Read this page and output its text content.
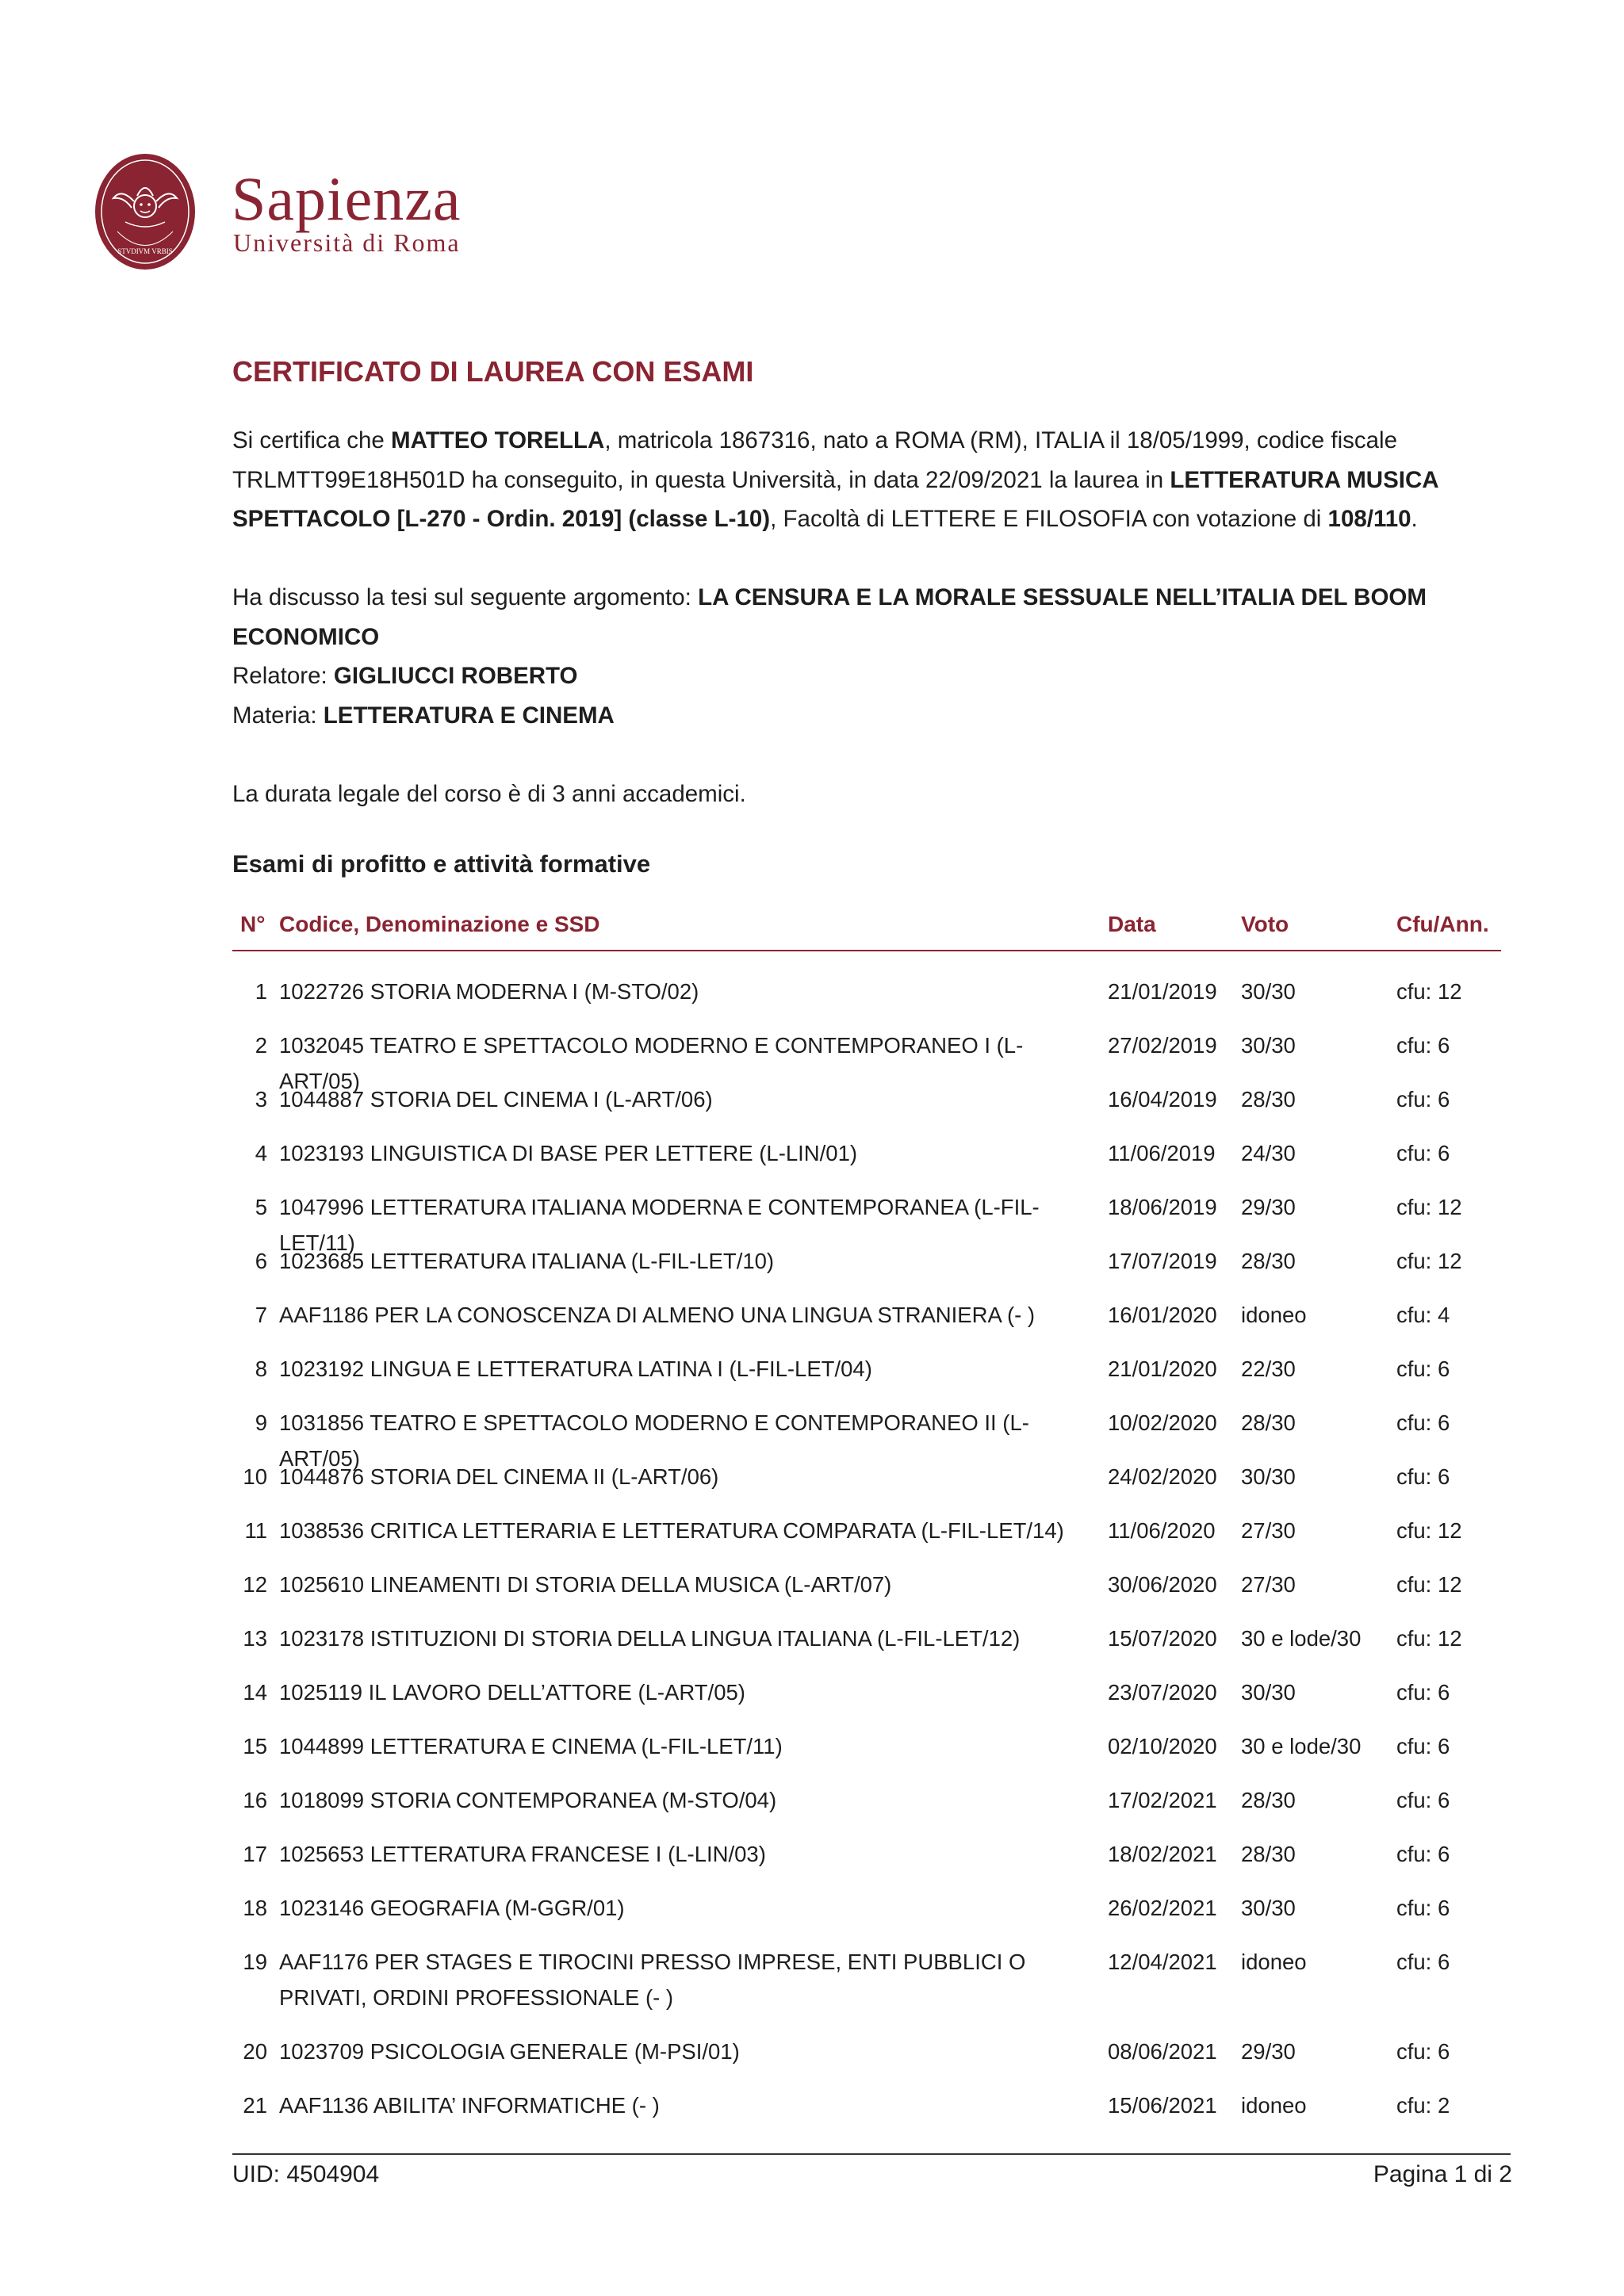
STVDIVM VRBIS
Sapienza
Università di Roma
CERTIFICATO DI LAUREA CON ESAMI
Si certifica che MATTEO TORELLA, matricola 1867316, nato a ROMA (RM), ITALIA il 18/05/1999, codice fiscale TRLMTT99E18H501D ha conseguito, in questa Università, in data 22/09/2021 la laurea in LETTERATURA MUSICA SPETTACOLO [L-270 - Ordin. 2019] (classe L-10), Facoltà di LETTERE E FILOSOFIA con votazione di 108/110.
Ha discusso la tesi sul seguente argomento: LA CENSURA E LA MORALE SESSUALE NELL’ITALIA DEL BOOM ECONOMICO
Relatore: GIGLIUCCI ROBERTO
Materia: LETTERATURA E CINEMA
La durata legale del corso è di 3 anni accademici.
Esami di profitto e attività formative
N° Codice, Denominazione e SSD	Data	Voto	Cfu/Ann.
1 1022726 STORIA MODERNA I (M-STO/02)	21/01/2019 30/30	cfu: 12
2 1032045 TEATRO E SPETTACOLO MODERNO E CONTEMPORANEO I (L-ART/05)
27/02/2019 30/30	cfu: 6
3 1044887 STORIA DEL CINEMA I (L-ART/06)	16/04/2019 28/30	cfu: 6
4 1023193 LINGUISTICA DI BASE PER LETTERE (L-LIN/01)	11/06/2019 24/30	cfu: 6
5 1047996 LETTERATURA ITALIANA MODERNA E CONTEMPORANEA (L-FIL-LET/11)
18/06/2019 29/30	cfu: 12
6 1023685 LETTERATURA ITALIANA (L-FIL-LET/10)	17/07/2019 28/30	cfu: 12
7 AAF1186 PER LA CONOSCENZA DI ALMENO UNA LINGUA STRANIERA (- )	16/01/2020 idoneo	cfu: 4
8 1023192 LINGUA E LETTERATURA LATINA I (L-FIL-LET/04)	21/01/2020 22/30	cfu: 6
9 1031856 TEATRO E SPETTACOLO MODERNO E CONTEMPORANEO II (L-ART/05)
10/02/2020 28/30	cfu: 6
10 1044876 STORIA DEL CINEMA II (L-ART/06)	24/02/2020 30/30	cfu: 6
11 1038536 CRITICA LETTERARIA E LETTERATURA COMPARATA (L-FIL-LET/14)	11/06/2020 27/30	cfu: 12
12 1025610 LINEAMENTI DI STORIA DELLA MUSICA (L-ART/07)	30/06/2020 27/30	cfu: 12
13 1023178 ISTITUZIONI DI STORIA DELLA LINGUA ITALIANA (L-FIL-LET/12)	15/07/2020 30 e lode/30 cfu: 12
14 1025119 IL LAVORO DELL’ATTORE (L-ART/05)	23/07/2020 30/30	cfu: 6
15 1044899 LETTERATURA E CINEMA (L-FIL-LET/11)	02/10/2020 30 e lode/30 cfu: 6
16 1018099 STORIA CONTEMPORANEA (M-STO/04)	17/02/2021 28/30	cfu: 6
17 1025653 LETTERATURA FRANCESE I (L-LIN/03)	18/02/2021 28/30	cfu: 6
18 1023146 GEOGRAFIA (M-GGR/01)	26/02/2021 30/30	cfu: 6
19 AAF1176 PER STAGES E TIROCINI PRESSO IMPRESE, ENTI PUBBLICI O PRIVATI, ORDINI PROFESSIONALE (- )
12/04/2021 idoneo	cfu: 6
20 1023709 PSICOLOGIA GENERALE (M-PSI/01)	08/06/2021 29/30	cfu: 6
21 AAF1136 ABILITA’ INFORMATICHE (- )	15/06/2021 idoneo	cfu: 2
UID: 4504904	Pagina 1 di 2
